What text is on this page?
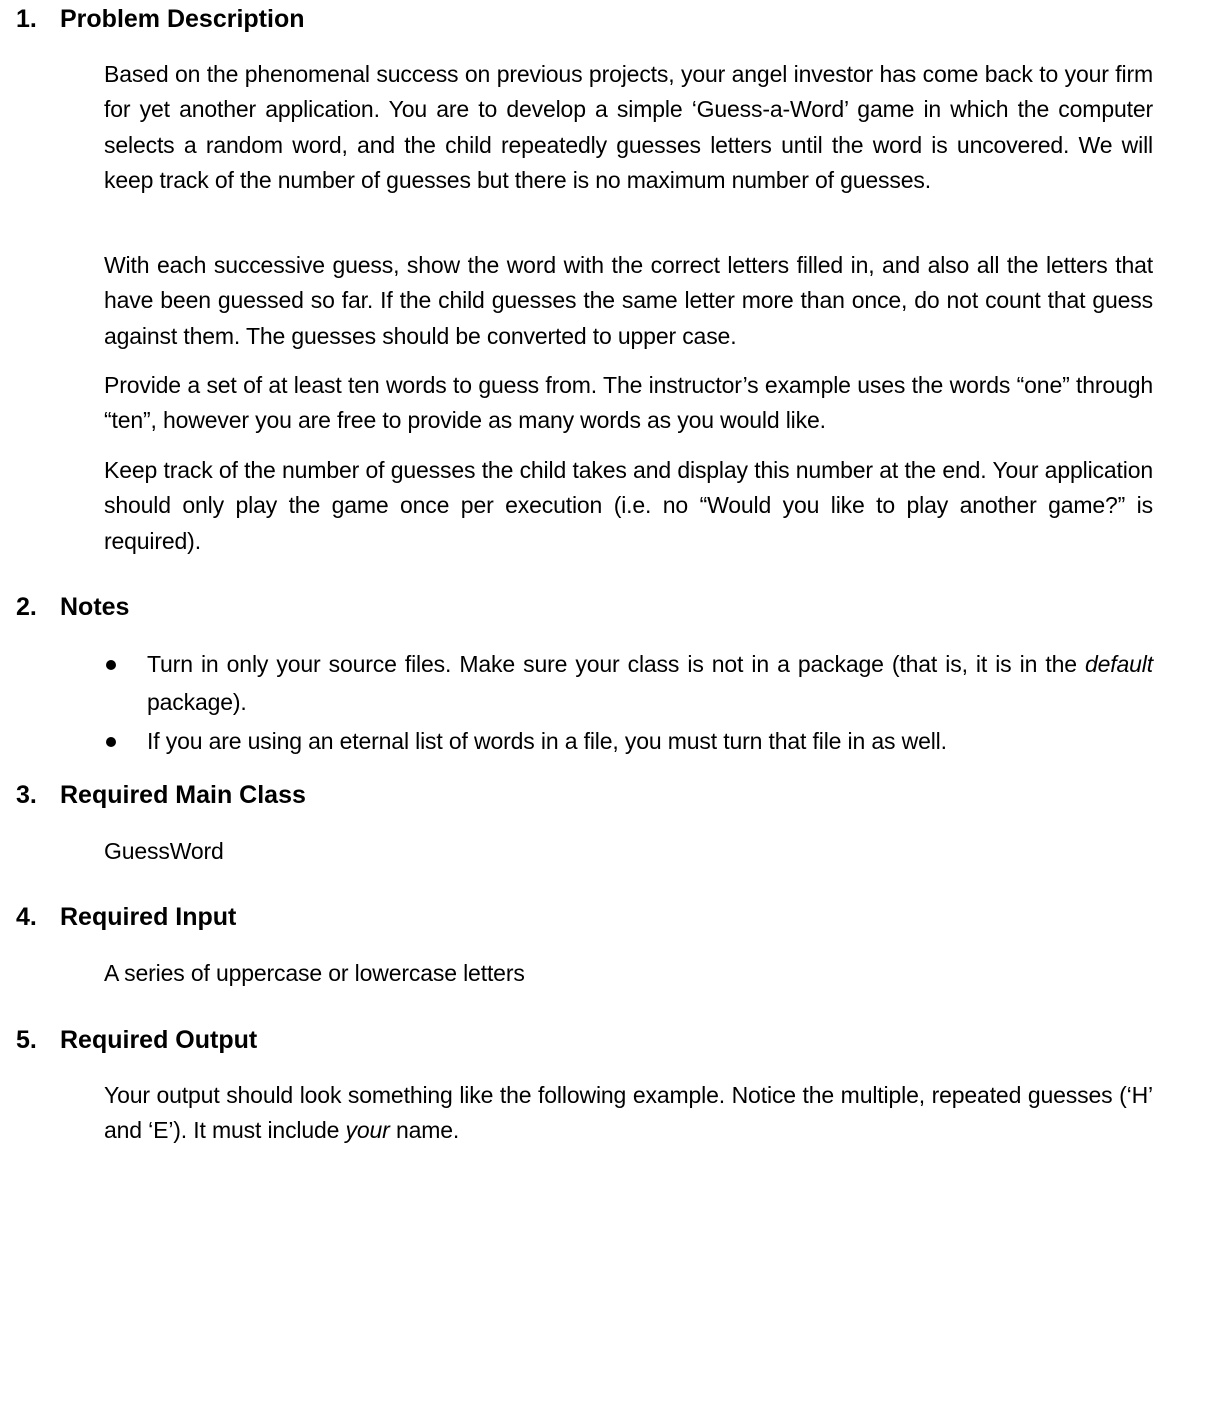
1. Problem Description

Based on the phenomenal success on previous projects, your angel investor has come back to your firm for yet another application. You are to develop a simple ‘Guess-a-Word’ game in which the computer selects a random word, and the child repeatedly guesses letters until the word is uncovered. We will keep track of the number of guesses but there is no maximum number of guesses.

With each successive guess, show the word with the correct letters filled in, and also all the letters that have been guessed so far. If the child guesses the same letter more than once, do not count that guess against them. The guesses should be converted to upper case.

Provide a set of at least ten words to guess from. The instructor’s example uses the words “one” through “ten”, however you are free to provide as many words as you would like.

Keep track of the number of guesses the child takes and display this number at the end. Your application should only play the game once per execution (i.e. no “Would you like to play another game?” is required).

2. Notes
Turn in only your source files. Make sure your class is not in a package (that is, it is in the default package).
If you are using an eternal list of words in a file, you must turn that file in as well.
3. Required Main Class

GuessWord

4. Required Input

A series of uppercase or lowercase letters

5. Required Output

Your output should look something like the following example. Notice the multiple, repeated guesses (‘H’ and ‘E’). It must include your name.
